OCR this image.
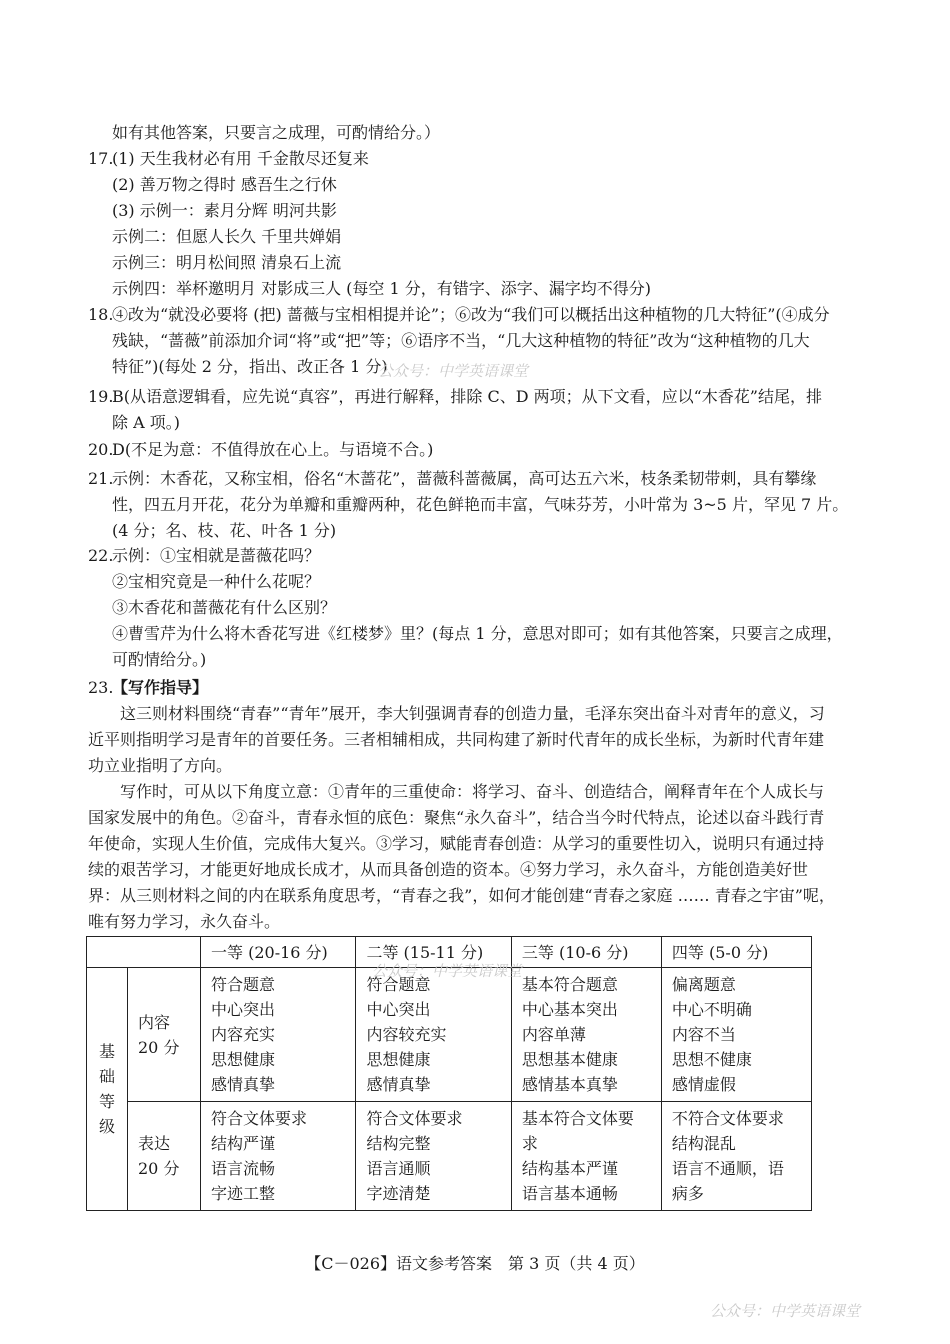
如有其他答案，只要言之成理，可酌情给分。）
17.
(1) 天生我材必有用 千金散尽还复来
(2) 善万物之得时 感吾生之行休
(3) 示例一：素月分辉 明河共影
示例二：但愿人长久 千里共婵娟
示例三：明月松间照 清泉石上流
示例四：举杯邀明月 对影成三人 (每空 1 分，有错字、添字、漏字均不得分)
18.
④改为“就没必要将 (把) 蔷薇与宝相相提并论”；⑥改为“我们可以概括出这种植物的几大特征”(④成分
残缺，“蔷薇”前添加介词“将”或“把”等；⑥语序不当，“几大这种植物的特征”改为“这种植物的几大
特征”)(每处 2 分，指出、改正各 1 分)
19.
B(从语意逻辑看，应先说“真容”，再进行解释，排除 C、D 两项；从下文看，应以“木香花”结尾，排
除 A 项。)
20.
D(不足为意：不值得放在心上。与语境不合。)
21.
示例：木香花，又称宝相，俗名“木蔷花”，蔷薇科蔷薇属，高可达五六米，枝条柔韧带刺，具有攀缘
性，四五月开花，花分为单瓣和重瓣两种，花色鲜艳而丰富，气味芬芳，小叶常为 3~5 片，罕见 7 片。
(4 分；名、枝、花、叶各 1 分)
22.
示例：①宝相就是蔷薇花吗？
②宝相究竟是一种什么花呢？
③木香花和蔷薇花有什么区别？
④曹雪芹为什么将木香花写进《红楼梦》里？(每点 1 分，意思对即可；如有其他答案，只要言之成理，
可酌情给分。)
23.
【写作指导】
这三则材料围绕“青春”“青年”展开，李大钊强调青春的创造力量，毛泽东突出奋斗对青年的意义，习
近平则指明学习是青年的首要任务。三者相辅相成，共同构建了新时代青年的成长坐标，为新时代青年建
功立业指明了方向。
写作时，可从以下角度立意：①青年的三重使命：将学习、奋斗、创造结合，阐释青年在个人成长与
国家发展中的角色。②奋斗，青春永恒的底色：聚焦“永久奋斗”，结合当今时代特点，论述以奋斗践行青
年使命，实现人生价值，完成伟大复兴。③学习，赋能青春创造：从学习的重要性切入，说明只有通过持
续的艰苦学习，才能更好地成长成才，从而具备创造的资本。④努力学习，永久奋斗，方能创造美好世
界：从三则材料之间的内在联系角度思考，“青春之我”，如何才能创建“青春之家庭 …… 青春之宇宙”呢，
唯有努力学习，永久奋斗。
		一等 (20-16 分)	二等 (15-11 分)	三等 (10-6 分)	四等 (5-0 分)

基
础
等
级	内容
20 分	符合题意
中心突出
内容充实
思想健康
感情真挚	符合题意
中心突出
内容较充实
思想健康
感情真挚	基本符合题意
中心基本突出
内容单薄
思想基本健康
感情基本真挚	偏离题意
中心不明确
内容不当
思想不健康
感情虚假

	表达
20 分	符合文体要求
结构严谨
语言流畅
字迹工整	符合文体要求
结构完整
语言通顺
字迹清楚	基本符合文体要
求
结构基本严谨
语言基本通畅	不符合文体要求
结构混乱
语言不通顺，语
病多
【C－026】语文参考答案　第 3 页（共 4 页）
公众号：中学英语课堂
公众号：中学英语课堂
公众号：中学英语课堂
